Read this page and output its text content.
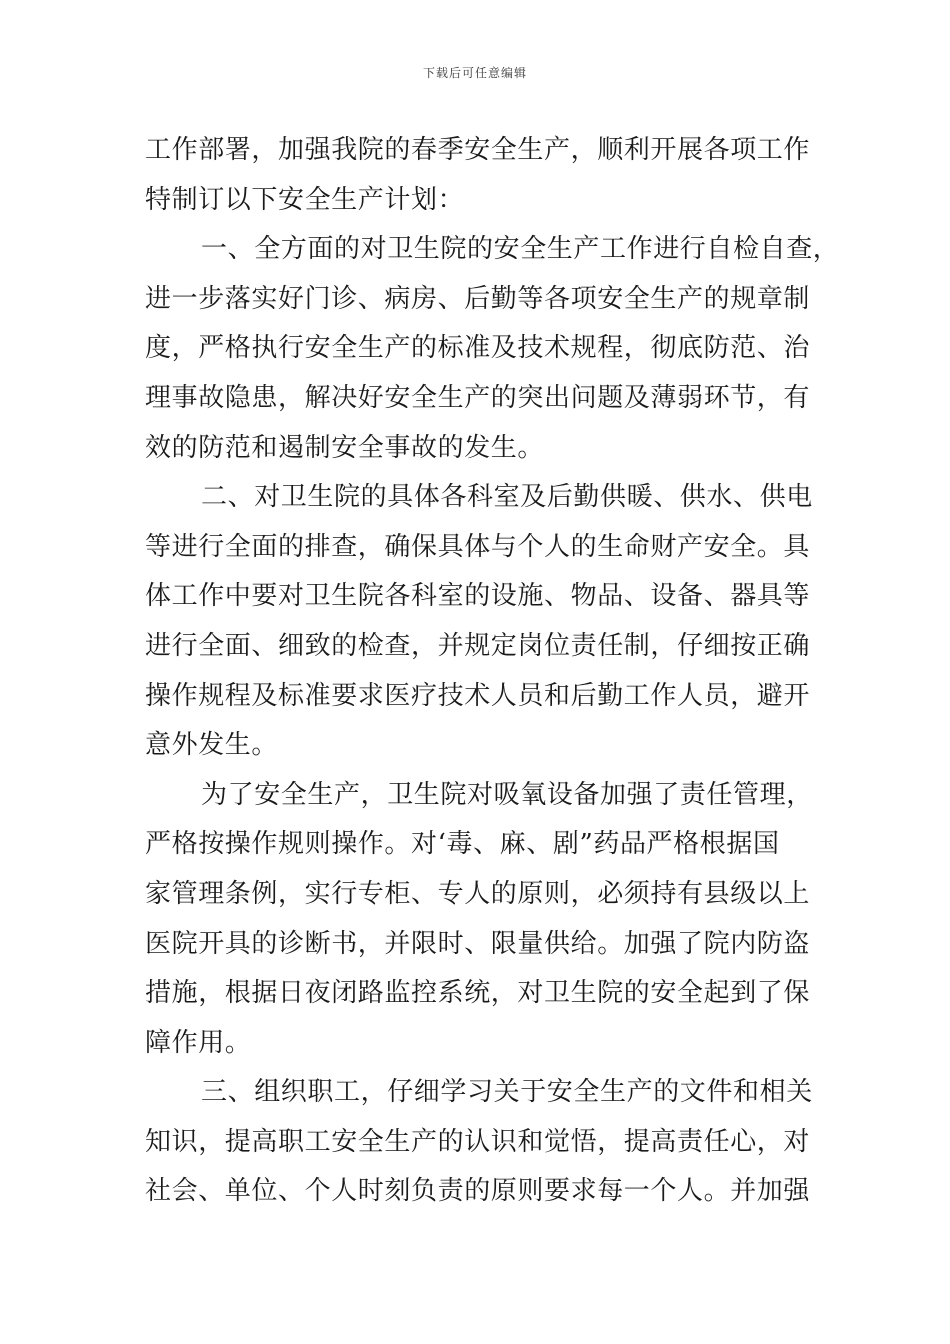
下载后可任意编辑
工作部署，加强我院的春季安全生产，顺利开展各项工作
特制订以下安全生产计划：
一、全方面的对卫生院的安全生产工作进行自检自查，
进一步落实好门诊、病房、后勤等各项安全生产的规章制
度，严格执行安全生产的标准及技术规程，彻底防范、治
理事故隐患，解决好安全生产的突出问题及薄弱环节，有
效的防范和遏制安全事故的发生。
二、对卫生院的具体各科室及后勤供暖、供水、供电
等进行全面的排查，确保具体与个人的生命财产安全。具
体工作中要对卫生院各科室的设施、物品、设备、器具等
进行全面、细致的检查，并规定岗位责任制，仔细按正确
操作规程及标准要求医疗技术人员和后勤工作人员，避开
意外发生。
为了安全生产，卫生院对吸氧设备加强了责任管理，
严格按操作规则操作。对‘毒、麻、剧”药品严格根据国
家管理条例，实行专柜、专人的原则，必须持有县级以上
医院开具的诊断书，并限时、限量供给。加强了院内防盗
措施，根据日夜闭路监控系统，对卫生院的安全起到了保
障作用。
三、组织职工，仔细学习关于安全生产的文件和相关
知识，提高职工安全生产的认识和觉悟，提高责任心，对
社会、单位、个人时刻负责的原则要求每一个人。并加强
